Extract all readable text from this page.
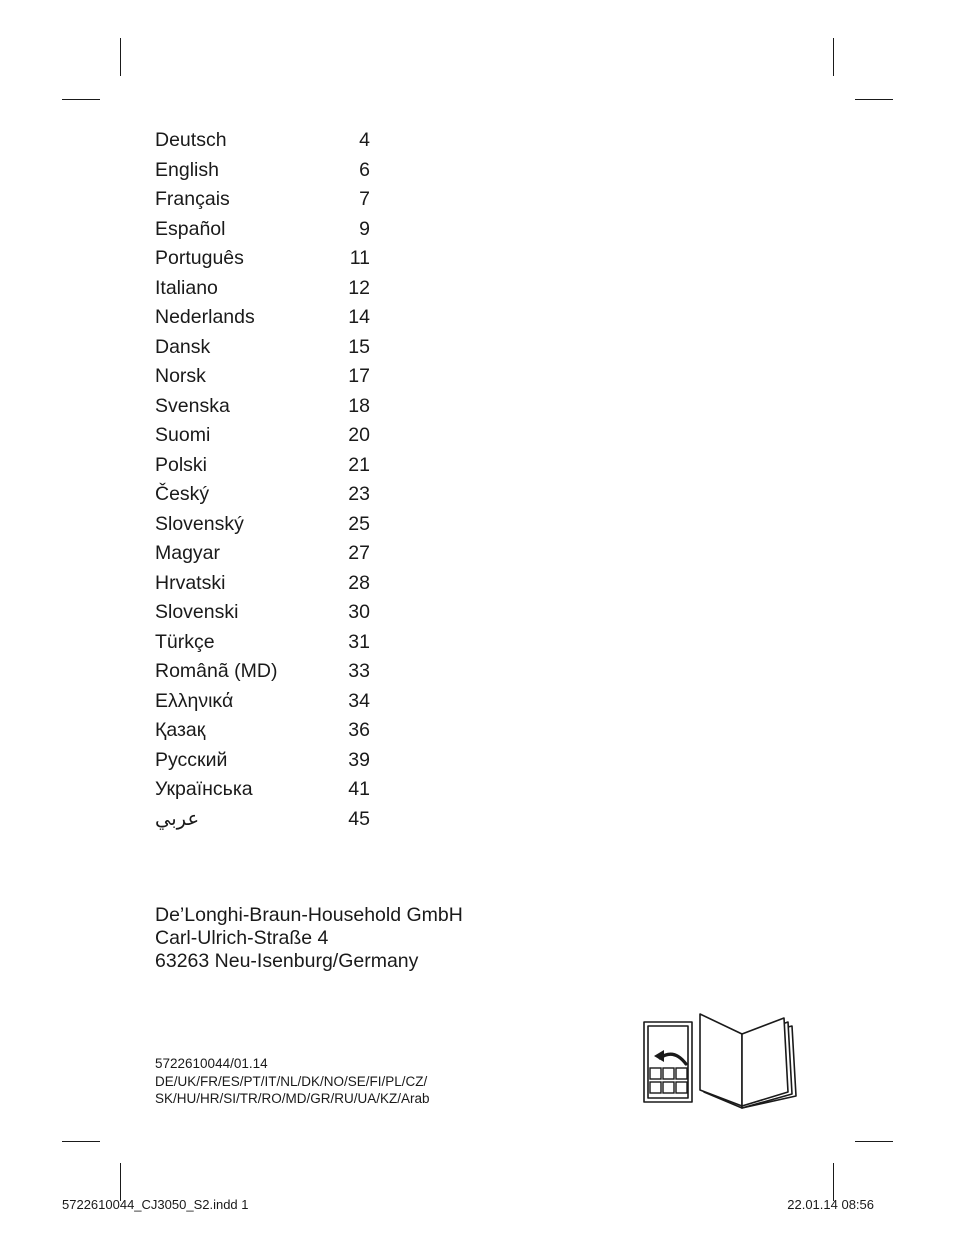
Deutsch	4
English	6
Français	7
Español	9
Português	11
Italiano	12
Nederlands	14
Dansk	15
Norsk	17
Svenska	18
Suomi	20
Polski	21
Český	23
Slovenský	25
Magyar	27
Hrvatski	28
Slovenski	30
Türkçe	31
Românã (MD)	33
Ελληνικά	34
Қазақ	36
Русский	39
Українська	41
عربي	45
De’Longhi-Braun-Household GmbH
Carl-Ulrich-Straße 4
63263 Neu-Isenburg/Germany
5722610044/01.14
DE/UK/FR/ES/PT/IT/NL/DK/NO/SE/FI/PL/CZ/
SK/HU/HR/SI/TR/RO/MD/GR/RU/UA/KZ/Arab
5722610044_CJ3050_S2.indd 1	22.01.14 08:56
